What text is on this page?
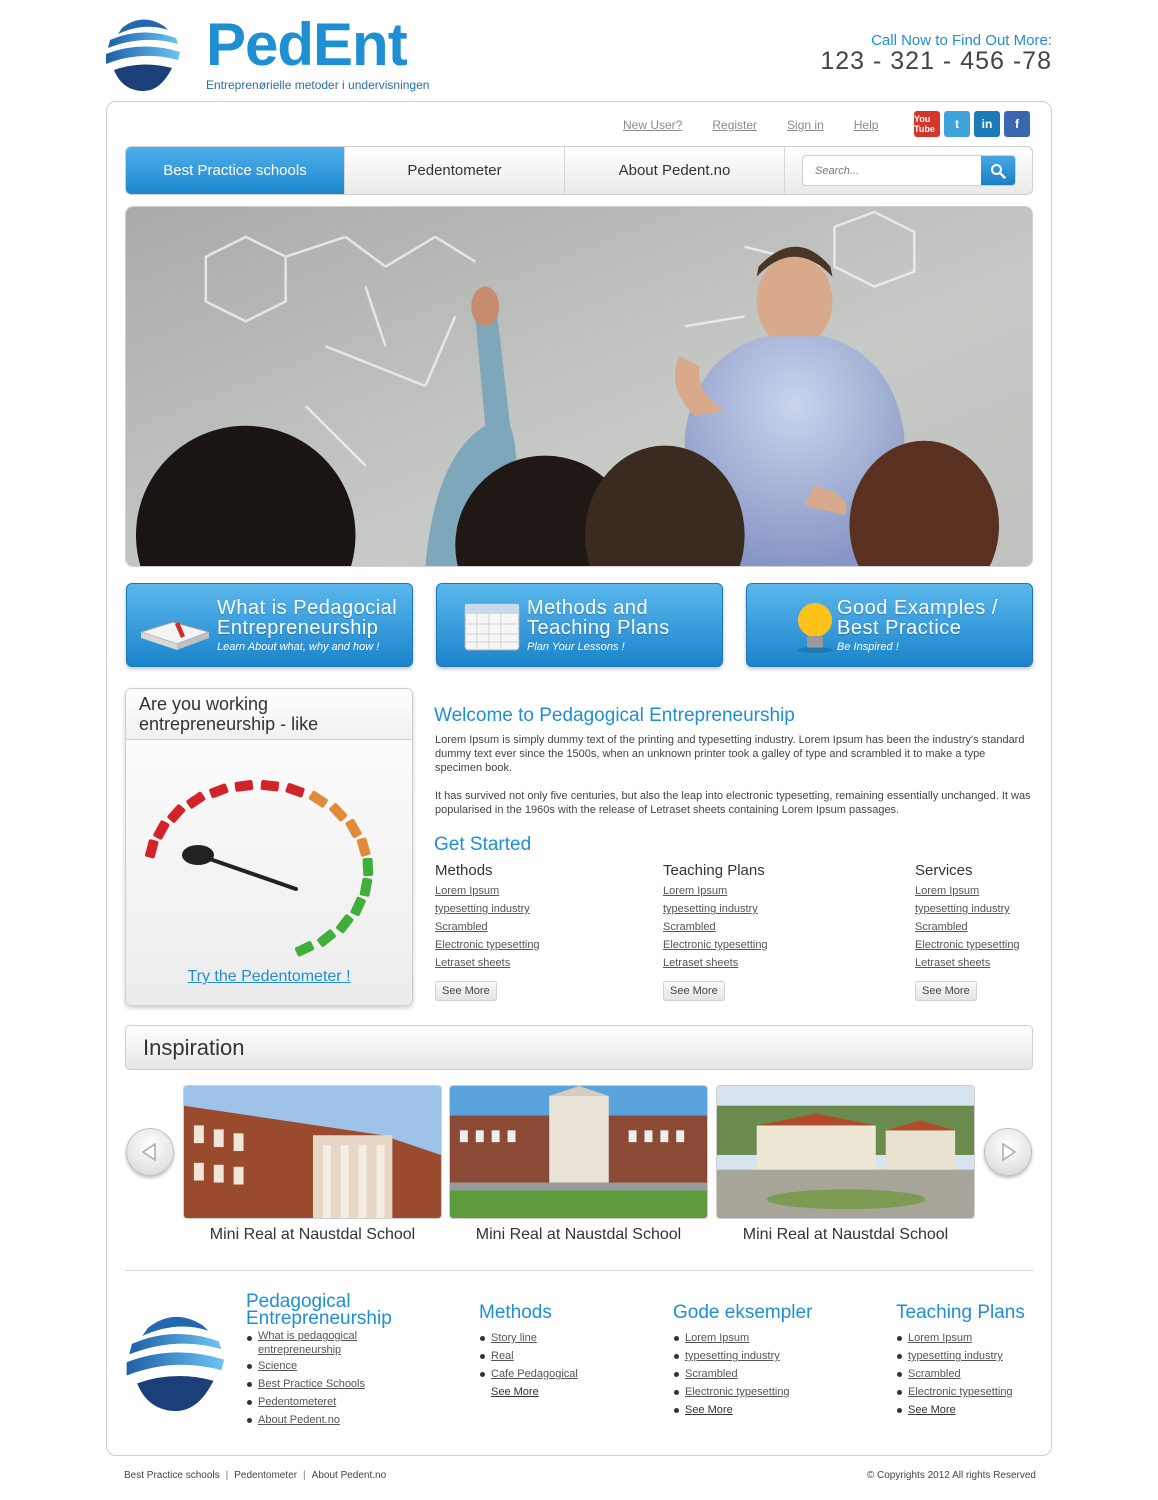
PedEnt
Entreprenørielle metoder i undervisningen
Call Now to Find Out More:
123 - 321 - 456 -78
New User?	Register	Sign in	Help	You Tube	t	in	f
Best Practice schools	Pedentometer	About Pedent.no
Search...
What is Pedagocial
Entrepreneurship
Learn About what, why and how !
Methods and
Teaching Plans
Plan Your Lessons !
Good Examples /
Best Practice
Be Inspired !
Are you working
entrepreneurship - like
Try the Pedentometer !
Welcome to Pedagogical Entrepreneurship
Lorem Ipsum is simply dummy text of the printing and typesetting industry. Lorem Ipsum has been the industry's standard dummy text ever since the 1500s, when an unknown printer took a galley of type and scrambled it to make a type specimen book.
It has survived not only five centuries, but also the leap into electronic typesetting, remaining essentially unchanged. It was popularised in the 1960s with the release of Letraset sheets containing Lorem Ipsum passages.
Get Started
Methods
Lorem Ipsum
typesetting industry
Scrambled
Electronic typesetting
Letraset sheets
Teaching Plans
Lorem Ipsum
typesetting industry
Scrambled
Electronic typesetting
Letraset sheets
Services
Lorem Ipsum
typesetting industry
Scrambled
Electronic typesetting
Letraset sheets
See More	See More	See More
Inspiration
Mini Real at Naustdal School	Mini Real at Naustdal School	Mini Real at Naustdal School
Pedagogical
Entrepreneurship
What is pedagogical
entrepreneurship
Science
Best Practice Schools
Pedentometeret
About Pedent.no
Methods
Story line
Real
Cafe Pedagogical
See More
Gode eksempler
Lorem Ipsum
typesetting industry
Scrambled
Electronic typesetting
See More
Teaching Plans
Lorem Ipsum
typesetting industry
Scrambled
Electronic typesetting
See More
Best Practice schools | Pedentometer | About Pedent.no	© Copyrights 2012 All rights Reserved
